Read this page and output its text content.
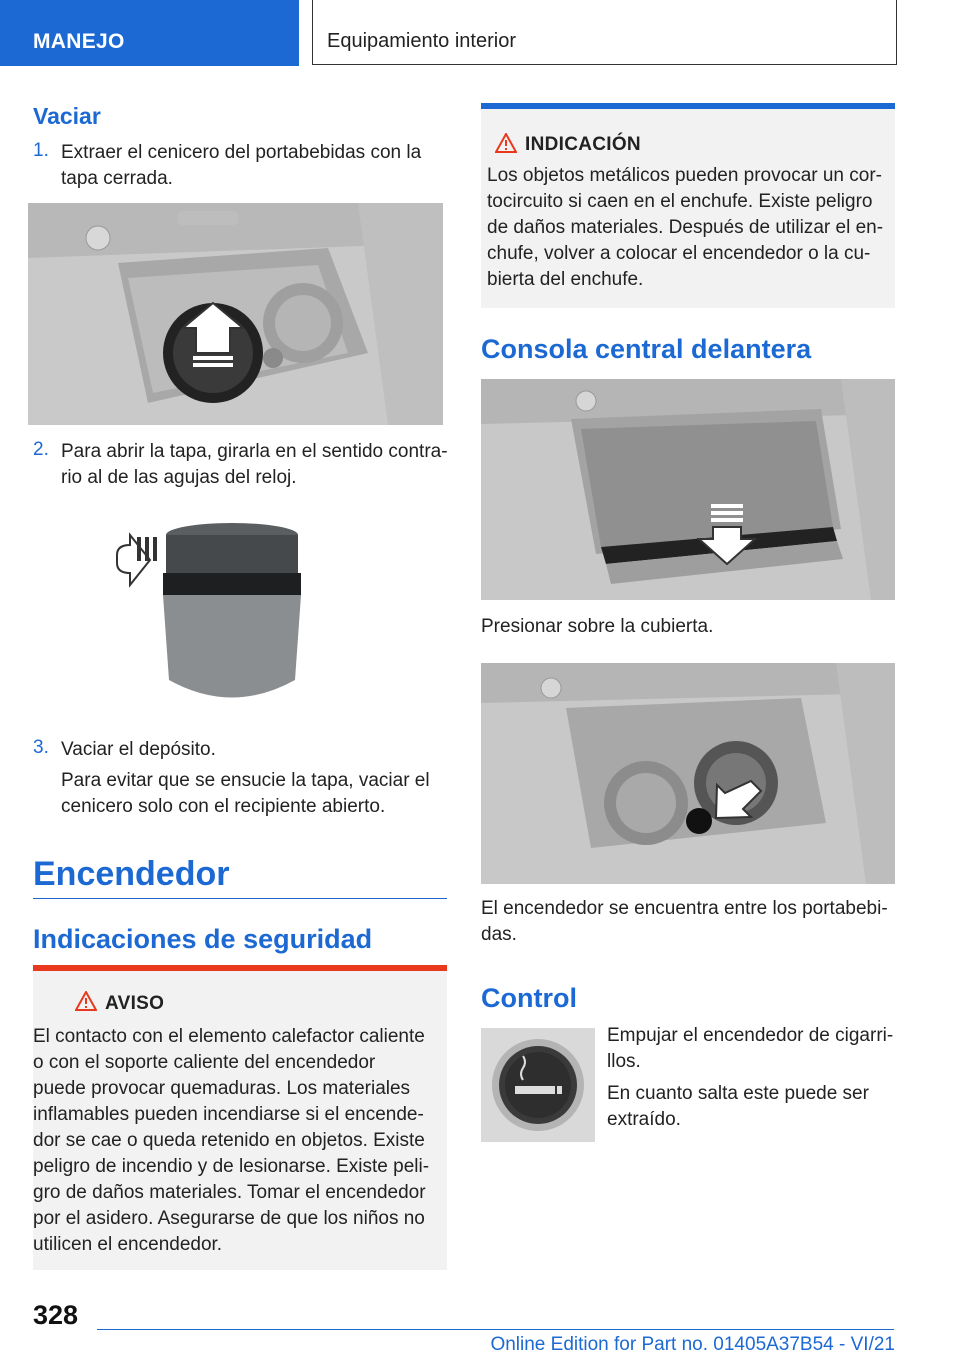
MANEJO	Equipamiento interior
Vaciar
1. Extraer el cenicero del portabebidas con la
tapa cerrada.
2. Para abrir la tapa, girarla en el sentido contra-
rio al de las agujas del reloj.
3. Vaciar el depósito.
Para evitar que se ensucie la tapa, vaciar el
cenicero solo con el recipiente abierto.
Encendedor
Indicaciones de seguridad
AVISO
El contacto con el elemento calefactor caliente
o con el soporte caliente del encendedor
puede provocar quemaduras. Los materiales
inflamables pueden incendiarse si el encende-
dor se cae o queda retenido en objetos. Existe
peligro de incendio y de lesionarse. Existe peli-
gro de daños materiales. Tomar el encendedor
por el asidero. Asegurarse de que los niños no
utilicen el encendedor.
INDICACIÓN
Los objetos metálicos pueden provocar un cor-
tocircuito si caen en el enchufe. Existe peligro
de daños materiales. Después de utilizar el en-
chufe, volver a colocar el encendedor o la cu-
bierta del enchufe.
Consola central delantera
Presionar sobre la cubierta.
El encendedor se encuentra entre los portabebi-
das.
Control
Empujar el encendedor de cigarri-
llos.
En cuanto salta este puede ser
extraído.
328
Online Edition for Part no. 01405A37B54 - VI/21
